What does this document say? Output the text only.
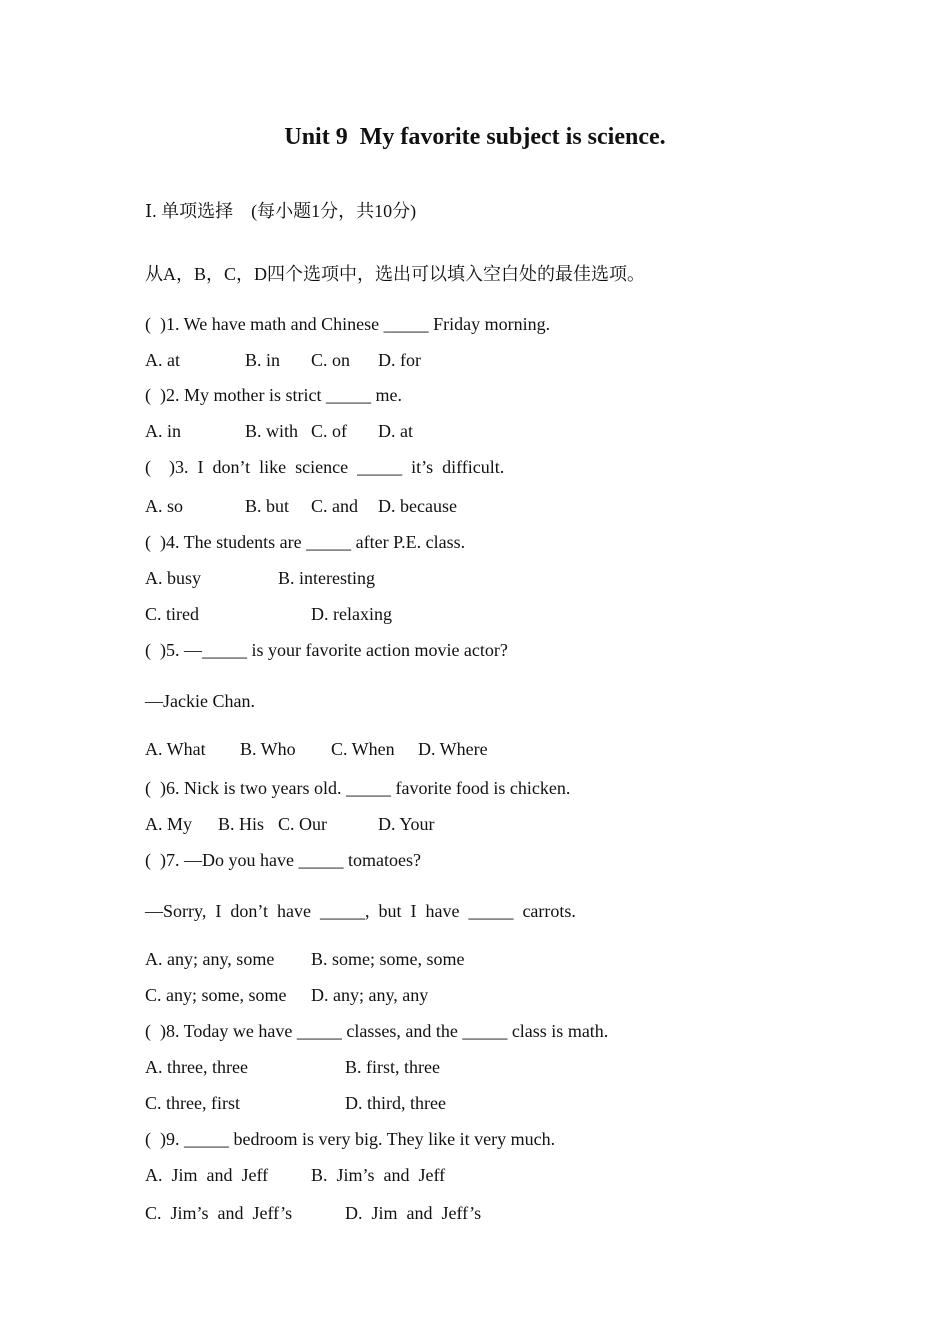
Unit 9  My favorite subject is science.
Ⅰ. 单项选择　(每小题1分，共10分)
从A，B，C，D四个选项中，选出可以填入空白处的最佳选项。
(  )1. We have math and Chinese _____ Friday morning.
A. at	B. in C. on D. for
(  )2. My mother is strict _____ me.
A. in	B. with C. of D. at
(    )3.  I  don’t  like  science  _____  it’s  difficult.
A. so	B. but C. and D. because
(  )4. The students are _____ after P.E. class.
A. busy	B. interesting
C. tired	D. relaxing
(  )5. —_____ is your favorite action movie actor?
—Jackie Chan.
A. What B. Who C. When D. Where
(  )6. Nick is two years old. _____ favorite food is chicken.
A. My B. His C. Our	D. Your
(  )7. —Do you have _____ tomatoes?
—Sorry,  I  don’t  have  _____,  but  I  have  _____  carrots.
A. any; any, some B. some; some, some
C. any; some, some D. any; any, any
(  )8. Today we have _____ classes, and the _____ class is math.
A. three, three	B. first, three
C. three, first	D. third, three
(  )9. _____ bedroom is very big. They like it very much.
A.  Jim  and  Jeff B.  Jim’s  and  Jeff
C.  Jim’s  and  Jeff’s	D.  Jim  and  Jeff’s
